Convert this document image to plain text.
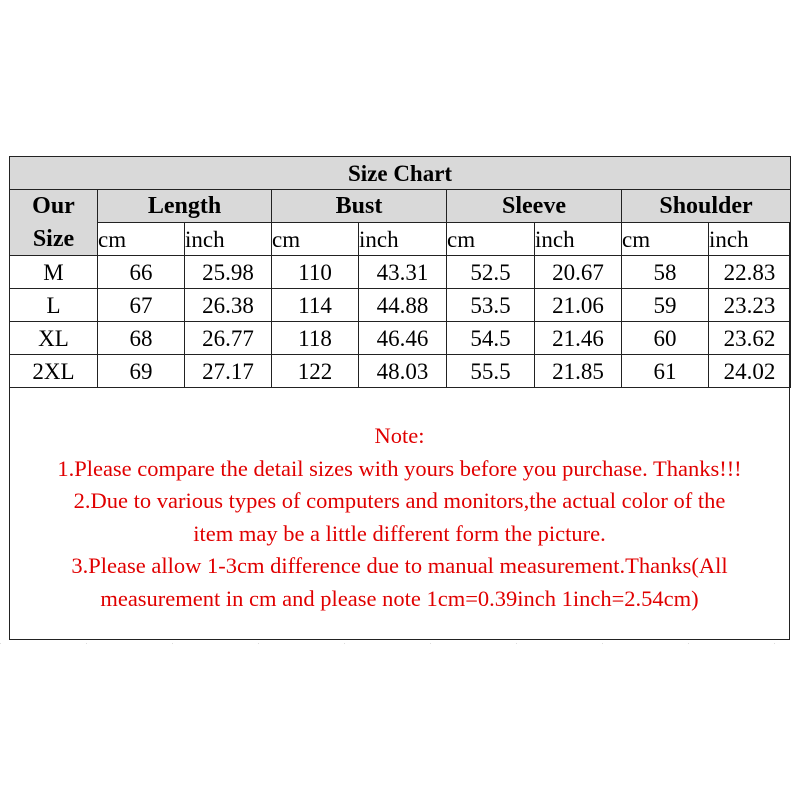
Size Chart								

Our
Size	Length		Bust		Sleeve		Shoulder	
	cm	inch	cm	inch	cm	inch	cm	inch
M	66	25.98	110	43.31	52.5	20.67	58	22.83
L	67	26.38	114	44.88	53.5	21.06	59	23.23
XL	68	26.77	118	46.46	54.5	21.46	60	23.62
2XL	69	27.17	122	48.03	55.5	21.85	61	24.02
Note:
1.Please compare the detail sizes with yours before you purchase. Thanks!!!
2.Due to various types of computers and monitors,the actual color of the
item may be a little different form the picture.
3.Please allow 1-3cm difference due to manual measurement.Thanks(All
measurement in cm and please note 1cm=0.39inch 1inch=2.54cm)
